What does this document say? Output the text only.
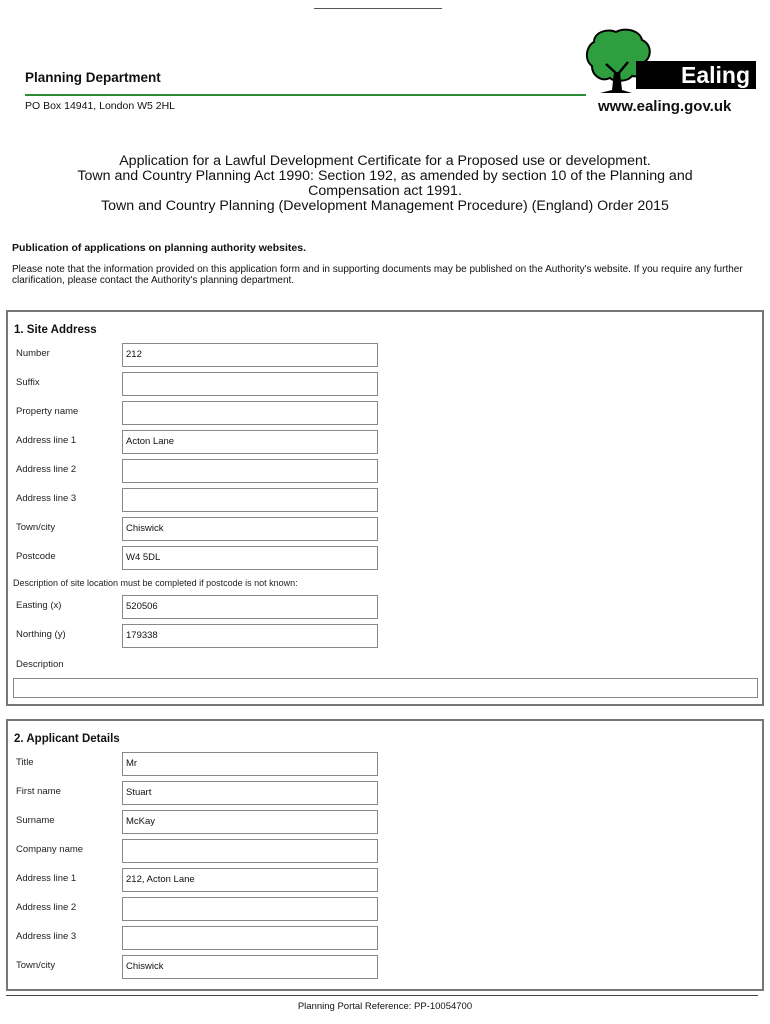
Planning Department
PO Box 14941, London W5 2HL
Ealing
www.ealing.gov.uk
Application for a Lawful Development Certificate for a Proposed use or development.
Town and Country Planning Act 1990: Section 192, as amended by section 10 of the Planning and
Compensation act 1991.
Town and Country Planning (Development Management Procedure) (England) Order 2015
Publication of applications on planning authority websites.
Please note that the information provided on this application form and in supporting documents may be published on the Authority's website. If you require any further clarification, please contact the Authority's planning department.
1. Site Address
Number	212
Suffix
Property name
Address line 1	Acton Lane
Address line 2
Address line 3
Town/city	Chiswick
Postcode	W4 5DL
Description of site location must be completed if postcode is not known:
Easting (x)	520506
Northing (y)	179338
Description
2. Applicant Details
Title	Mr
First name	Stuart
Surname	McKay
Company name
Address line 1	212, Acton Lane
Address line 2
Address line 3
Town/city	Chiswick
Planning Portal Reference: PP-10054700
